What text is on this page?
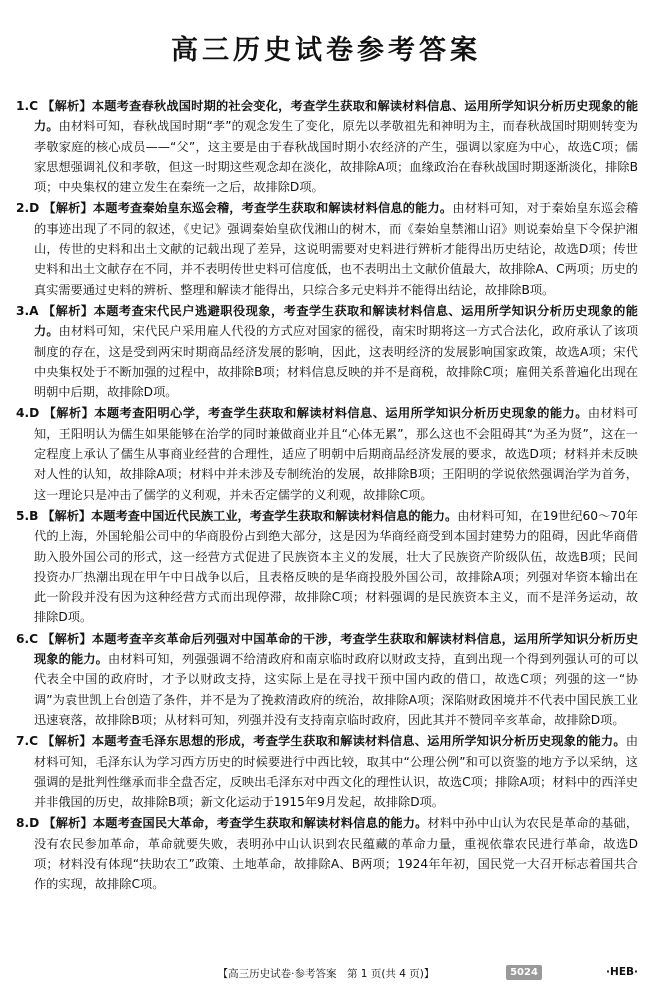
高三历史试卷参考答案
1.C 【解析】本题考查春秋战国时期的社会变化，考查学生获取和解读材料信息、运用所学知识分析历史现象的能力。由材料可知，春秋战国时期“孝”的观念发生了变化，原先以孝敬祖先和神明为主，而春秋战国时期则转变为孝敬家庭的核心成员——“父”，这主要是由于春秋战国时期小农经济的产生，强调以家庭为中心，故选C项；儒家思想强调礼仪和孝敬，但这一时期这些观念却在淡化，故排除A项；血缘政治在春秋战国时期逐渐淡化，排除B项；中央集权的建立发生在秦统一之后，故排除D项。
2.D 【解析】本题考查秦始皇东巡会稽，考查学生获取和解读材料信息的能力。由材料可知，对于秦始皇东巡会稽的事迹出现了不同的叙述，《史记》强调秦始皇砍伐湘山的树木，而《秦始皇禁湘山诏》则说秦始皇下令保护湘山，传世的史料和出土文献的记载出现了差异，这说明需要对史料进行辨析才能得出历史结论，故选D项；传世史料和出土文献存在不同，并不表明传世史料可信度低，也不表明出土文献价值最大，故排除A、C两项；历史的真实需要通过史料的辨析、整理和解读才能得出，只综合多元史料并不能得出结论，故排除B项。
3.A 【解析】本题考查宋代民户逃避职役现象，考查学生获取和解读材料信息、运用所学知识分析历史现象的能力。由材料可知，宋代民户采用雇人代役的方式应对国家的徭役，南宋时期将这一方式合法化，政府承认了该项制度的存在，这是受到两宋时期商品经济发展的影响，因此，这表明经济的发展影响国家政策，故选A项；宋代中央集权处于不断加强的过程中，故排除B项；材料信息反映的并不是商税，故排除C项；雇佣关系普遍化出现在明朝中后期，故排除D项。
4.D 【解析】本题考查阳明心学，考查学生获取和解读材料信息、运用所学知识分析历史现象的能力。由材料可知，王阳明认为儒生如果能够在治学的同时兼做商业并且“心体无累”，那么这也不会阻碍其“为圣为贤”，这在一定程度上承认了儒生从事商业经营的合理性，适应了明朝中后期商品经济发展的要求，故选D项；材料并未反映对人性的认知，故排除A项；材料中并未涉及专制统治的发展，故排除B项；王阳明的学说依然强调治学为首务，这一理论只是冲击了儒学的义利观，并未否定儒学的义利观，故排除C项。
5.B 【解析】本题考查中国近代民族工业，考查学生获取和解读材料信息的能力。由材料可知，在19世纪60～70年代的上海，外国轮船公司中的华商股份占到绝大部分，这是因为华商经商受到本国封建势力的阻碍，因此华商借助入股外国公司的形式，这一经营方式促进了民族资本主义的发展，壮大了民族资产阶级队伍，故选B项；民间投资办厂热潮出现在甲午中日战争以后，且表格反映的是华商投股外国公司，故排除A项；列强对华资本输出在此一阶段并没有因为这种经营方式而出现停滞，故排除C项；材料强调的是民族资本主义，而不是洋务运动，故排除D项。
6.C 【解析】本题考查辛亥革命后列强对中国革命的干涉，考查学生获取和解读材料信息，运用所学知识分析历史现象的能力。由材料可知，列强强调不给清政府和南京临时政府以财政支持，直到出现一个得到列强认可的可以代表全中国的政府时，才予以财政支持，这实际上是在寻找干预中国内政的借口，故选C项；列强的这一“协调”为袁世凯上台创造了条件，并不是为了挽救清政府的统治，故排除A项；深陷财政困境并不代表中国民族工业迅速衰落，故排除B项；从材料可知，列强并没有支持南京临时政府，因此其并不赞同辛亥革命，故排除D项。
7.C 【解析】本题考查毛泽东思想的形成，考查学生获取和解读材料信息、运用所学知识分析历史现象的能力。由材料可知，毛泽东认为学习西方历史的时候要进行中西比较，取其中“公理公例”和可以资鉴的地方予以采纳，这强调的是批判性继承而非全盘否定，反映出毛泽东对中西文化的理性认识，故选C项；排除A项；材料中的西洋史并非俄国的历史，故排除B项；新文化运动于1915年9月发起，故排除D项。
8.D 【解析】本题考查国民大革命，考查学生获取和解读材料信息的能力。材料中孙中山认为农民是革命的基础，没有农民参加革命，革命就要失败，表明孙中山认识到农民蕴藏的革命力量，重视依靠农民进行革命，故选D项；材料没有体现“扶助农工”政策、土地革命，故排除A、B两项；1924年年初，国民党一大召开标志着国共合作的实现，故排除C项。
【高三历史试卷·参考答案　第 1 页(共 4 页)】	5024	·HEB·
